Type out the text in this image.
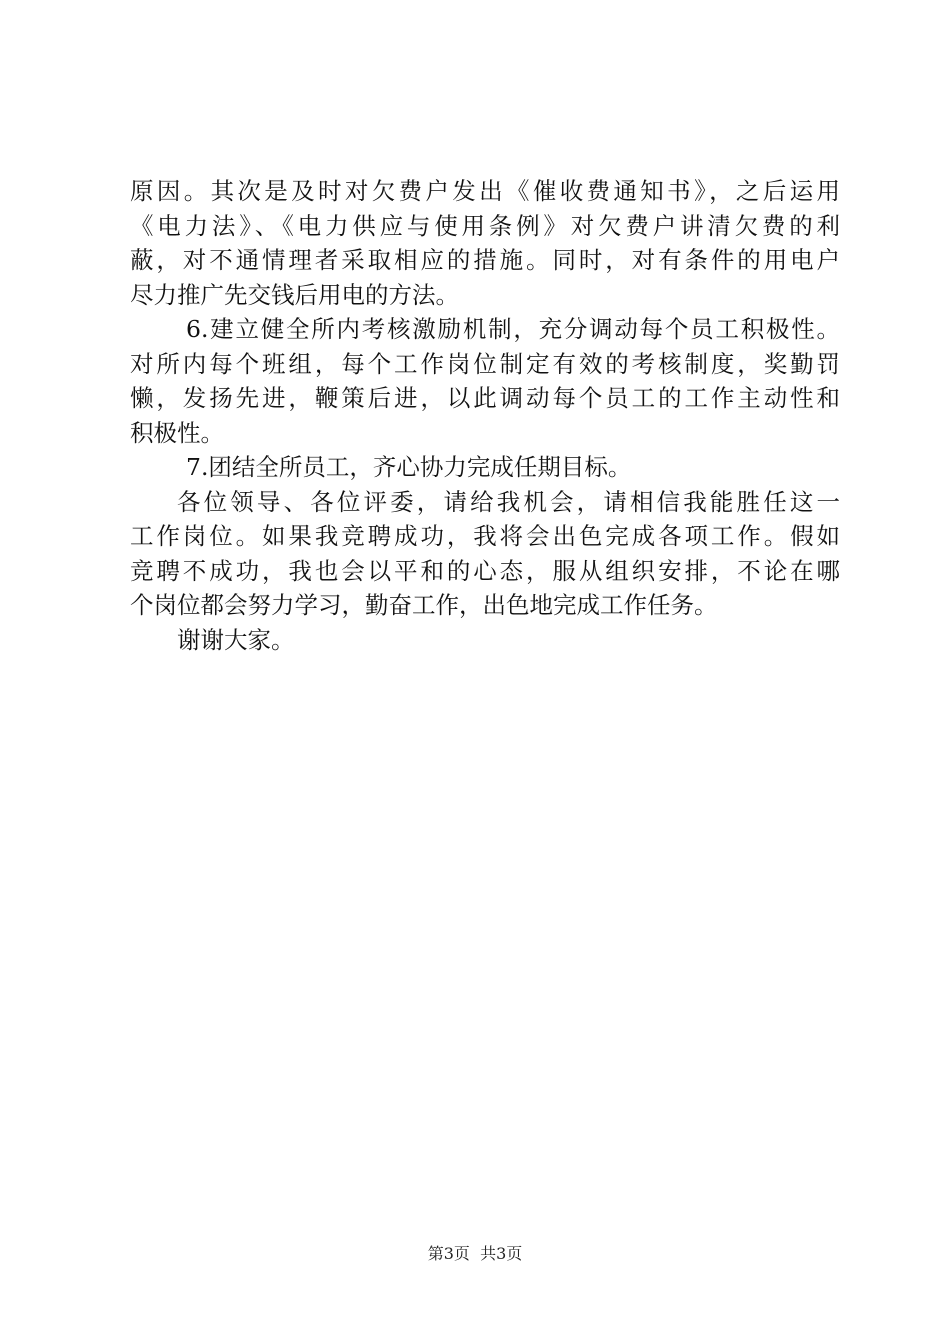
原因。其次是及时对欠费户发出《催收费通知书》，之后运用
《电力法》、《电力供应与使用条例》对欠费户讲清欠费的利
蔽，对不通情理者采取相应的措施。同时，对有条件的用电户
尽力推广先交钱后用电的方法。
6.建立健全所内考核激励机制，充分调动每个员工积极性。
对所内每个班组，每个工作岗位制定有效的考核制度，奖勤罚
懒，发扬先进，鞭策后进，以此调动每个员工的工作主动性和
积极性。
7.团结全所员工，齐心协力完成任期目标。
各位领导、各位评委，请给我机会，请相信我能胜任这一
工作岗位。如果我竞聘成功，我将会出色完成各项工作。假如
竞聘不成功，我也会以平和的心态，服从组织安排，不论在哪
个岗位都会努力学习，勤奋工作，出色地完成工作任务。
谢谢大家。
第3页  共3页
